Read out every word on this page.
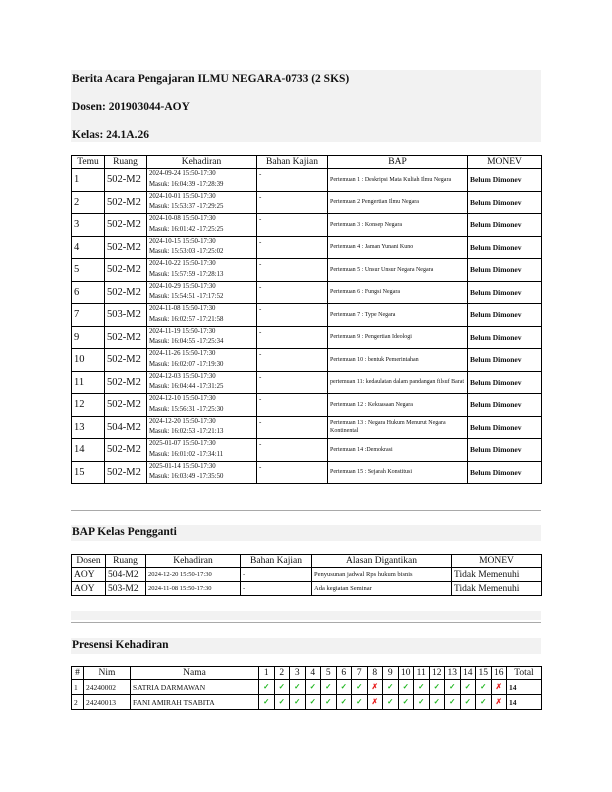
Berita Acara Pengajaran ILMU NEGARA-0733 (2 SKS)
Dosen: 201903044-AOY
Kelas: 24.1A.26
Temu	Ruang	Kehadiran	Bahan Kajian	BAP	MONEV
1	502-M2	2024-09-24 15:50-17:30
Masuk: 16:04:39 -17:28:39	-	Pertemuan 1 : Deskripsi Mata Kuliah Ilmu Negara	Belum Dimonev
2	502-M2	2024-10-01 15:50-17:30
Masuk: 15:53:37 -17:29:25	-	Pertemuan 2 Pengertian Ilmu Negara	Belum Dimonev
3	502-M2	2024-10-08 15:50-17:30
Masuk: 16:01:42 -17:25:25	-	Pertemuan 3 : Konsep Negara	Belum Dimonev
4	502-M2	2024-10-15 15:50-17:30
Masuk: 15:53:03 -17:25:02	-	Pertemuan 4 : Jaman Yunani Kuno	Belum Dimonev
5	502-M2	2024-10-22 15:50-17:30
Masuk: 15:57:59 -17:28:13	-	Pertemuan 5 : Unsur Unsur Negara Negara	Belum Dimonev
6	502-M2	2024-10-29 15:50-17:30
Masuk: 15:54:51 -17:17:52	-	Pertemuan 6 : Fungsi Negara	Belum Dimonev
7	503-M2	2024-11-08 15:50-17:30
Masuk: 16:02:57 -17:21:58	-	Pertemuan 7 : Type Negara	Belum Dimonev
9	502-M2	2024-11-19 15:50-17:30
Masuk: 16:04:55 -17:25:34	-	Pertemuan 9 : Pengertian Ideologi	Belum Dimonev
10	502-M2	2024-11-26 15:50-17:30
Masuk: 16:02:07 -17:19:30	-	Pertemuan 10 : bentuk Pemerintahan	Belum Dimonev
11	502-M2	2024-12-03 15:50-17:30
Masuk: 16:04:44 -17:31:25	-	pertemuan 11: kedaulatan dalam pandangan filsuf Barat	Belum Dimonev
12	502-M2	2024-12-10 15:50-17:30
Masuk: 15:56:31 -17:25:30	-	Pertemuan 12 : Kekuasaan Negara	Belum Dimonev
13	504-M2	2024-12-20 15:50-17:30
Masuk: 16:02:53 -17:21:13	-	Pertemuan 13 : Negara Hukum Menurut Negara Kontinental	Belum Dimonev
14	502-M2	2025-01-07 15:50-17:30
Masuk: 16:01:02 -17:34:11	-	Pertemuan 14 :Demokrasi	Belum Dimonev
15	502-M2	2025-01-14 15:50-17:30
Masuk: 16:03:49 -17:35:50	-	Pertemuan 15 : Sejarah Konstitusi	Belum Dimonev
BAP Kelas Pengganti
Dosen	Ruang	Kehadiran	Bahan Kajian	Alasan Digantikan	MONEV
AOY	504-M2	2024-12-20 15:50-17:30	-	Penyusunan jadwal Rps hukum bisnis	Tidak Memenuhi
AOY	503-M2	2024-11-08 15:50-17:30	-	Ada kegiatan Seminar	Tidak Memenuhi
Presensi Kehadiran
#	Nim	Nama	1	2	3	4	5	6	7	8	9	10	11	12	13	14	15	16	Total
1	24240002	SATRIA DARMAWAN	✓	✓	✓	✓	✓	✓	✓	✗	✓	✓	✓	✓	✓	✓	✓	✗	14
2	24240013	FANI AMIRAH TSABITA	✓	✓	✓	✓	✓	✓	✓	✗	✓	✓	✓	✓	✓	✓	✓	✗	14
